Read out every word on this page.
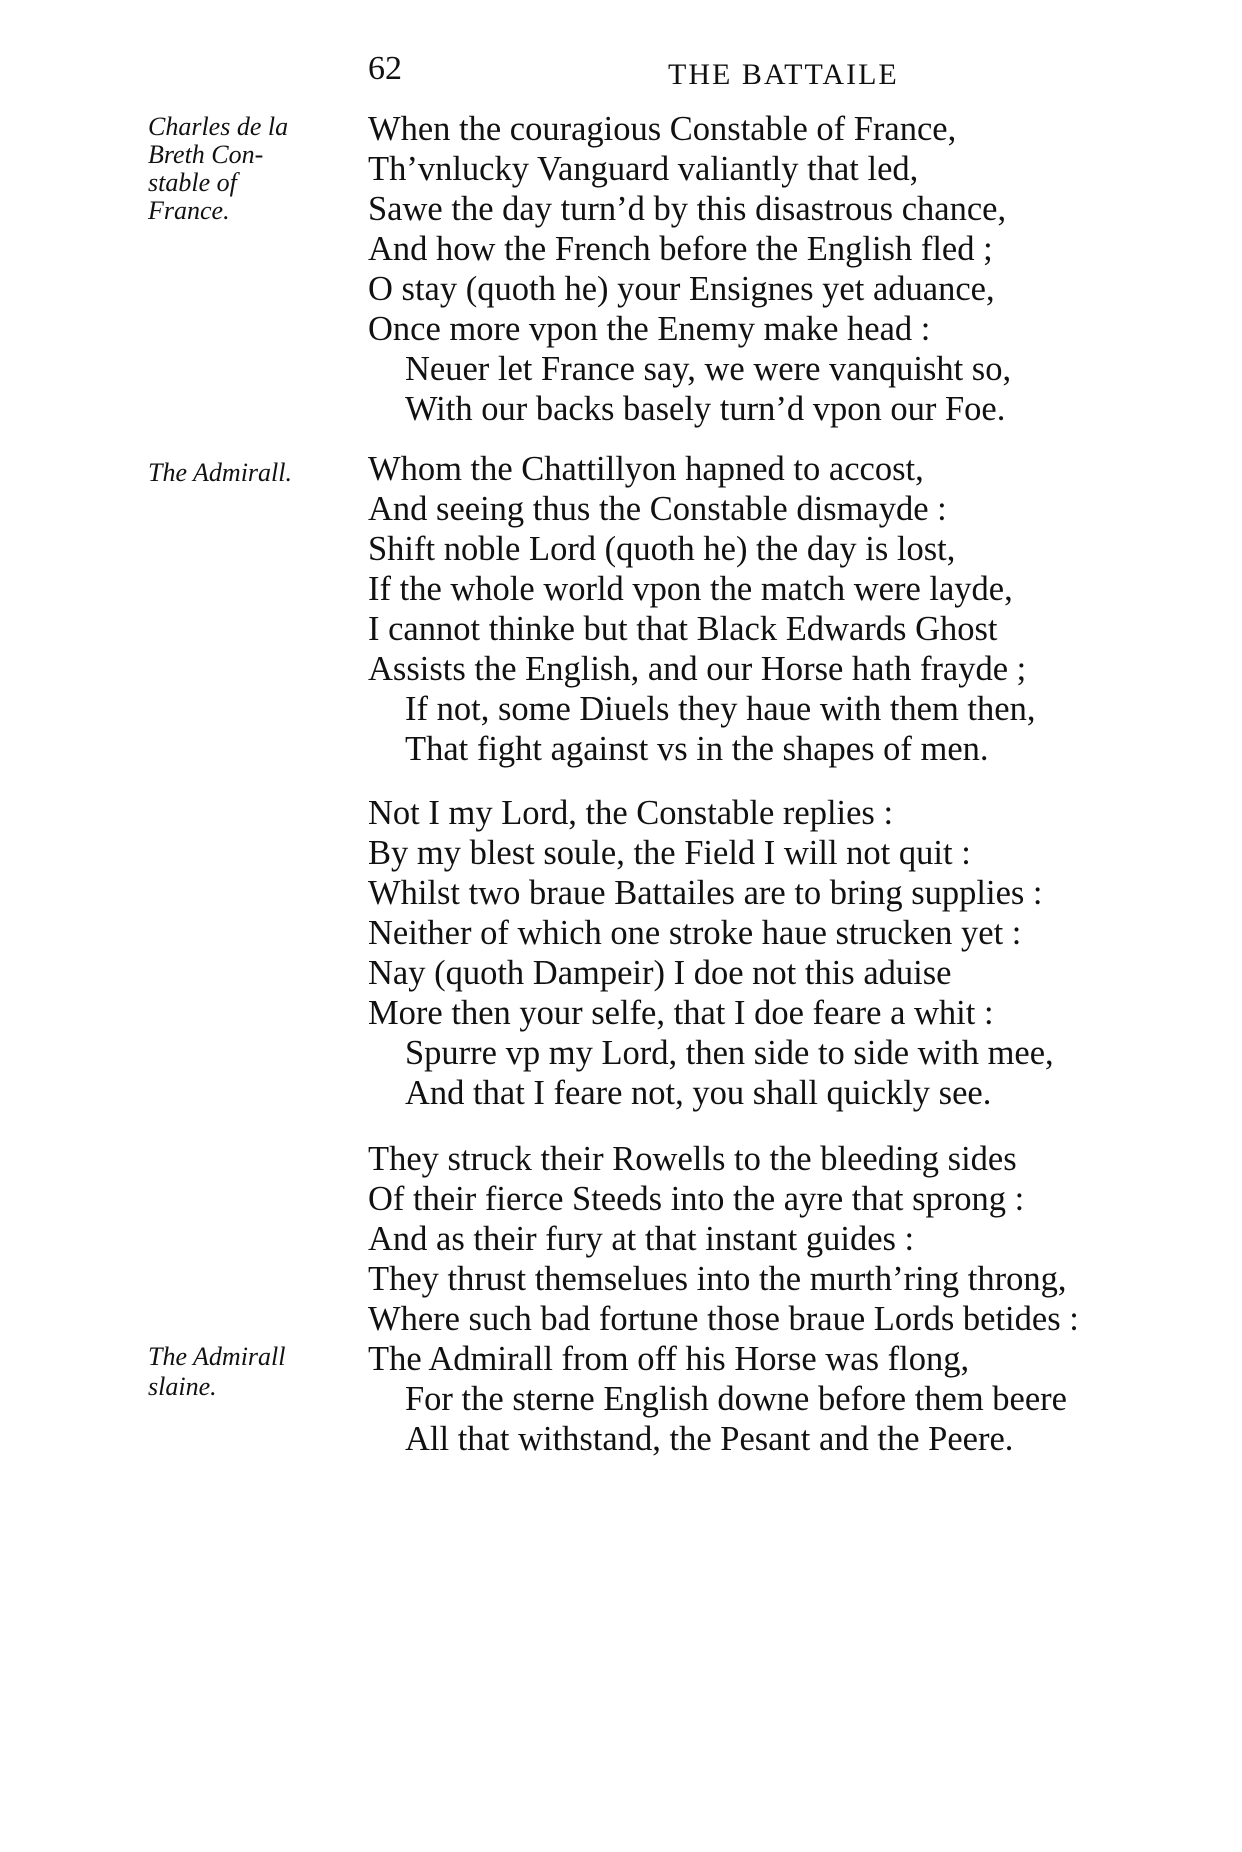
62	THE BATTAILE
Charles de la
Breth Con-
stable of
France.
The Admirall.
The Admirall
slaine.
When the couragious Constable of France,
Th’vnlucky Vanguard valiantly that led,
Sawe the day turn’d by this disastrous chance,
And how the French before the English fled ;
O stay (quoth he) your Ensignes yet aduance,
Once more vpon the Enemy make head :
Neuer let France say, we were vanquisht so,
With our backs basely turn’d vpon our Foe.
Whom the Chattillyon hapned to accost,
And seeing thus the Constable dismayde :
Shift noble Lord (quoth he) the day is lost,
If the whole world vpon the match were layde,
I cannot thinke but that Black Edwards Ghost
Assists the English, and our Horse hath frayde ;
If not, some Diuels they haue with them then,
That fight against vs in the shapes of men.
Not I my Lord, the Constable replies :
By my blest soule, the Field I will not quit :
Whilst two braue Battailes are to bring supplies :
Neither of which one stroke haue strucken yet :
Nay (quoth Dampeir) I doe not this aduise
More then your selfe, that I doe feare a whit :
Spurre vp my Lord, then side to side with mee,
And that I feare not, you shall quickly see.
They struck their Rowells to the bleeding sides
Of their fierce Steeds into the ayre that sprong :
And as their fury at that instant guides :
They thrust themselues into the murth’ring throng,
Where such bad fortune those braue Lords betides :
The Admirall from off his Horse was flong,
For the sterne English downe before them beere
All that withstand, the Pesant and the Peere.
